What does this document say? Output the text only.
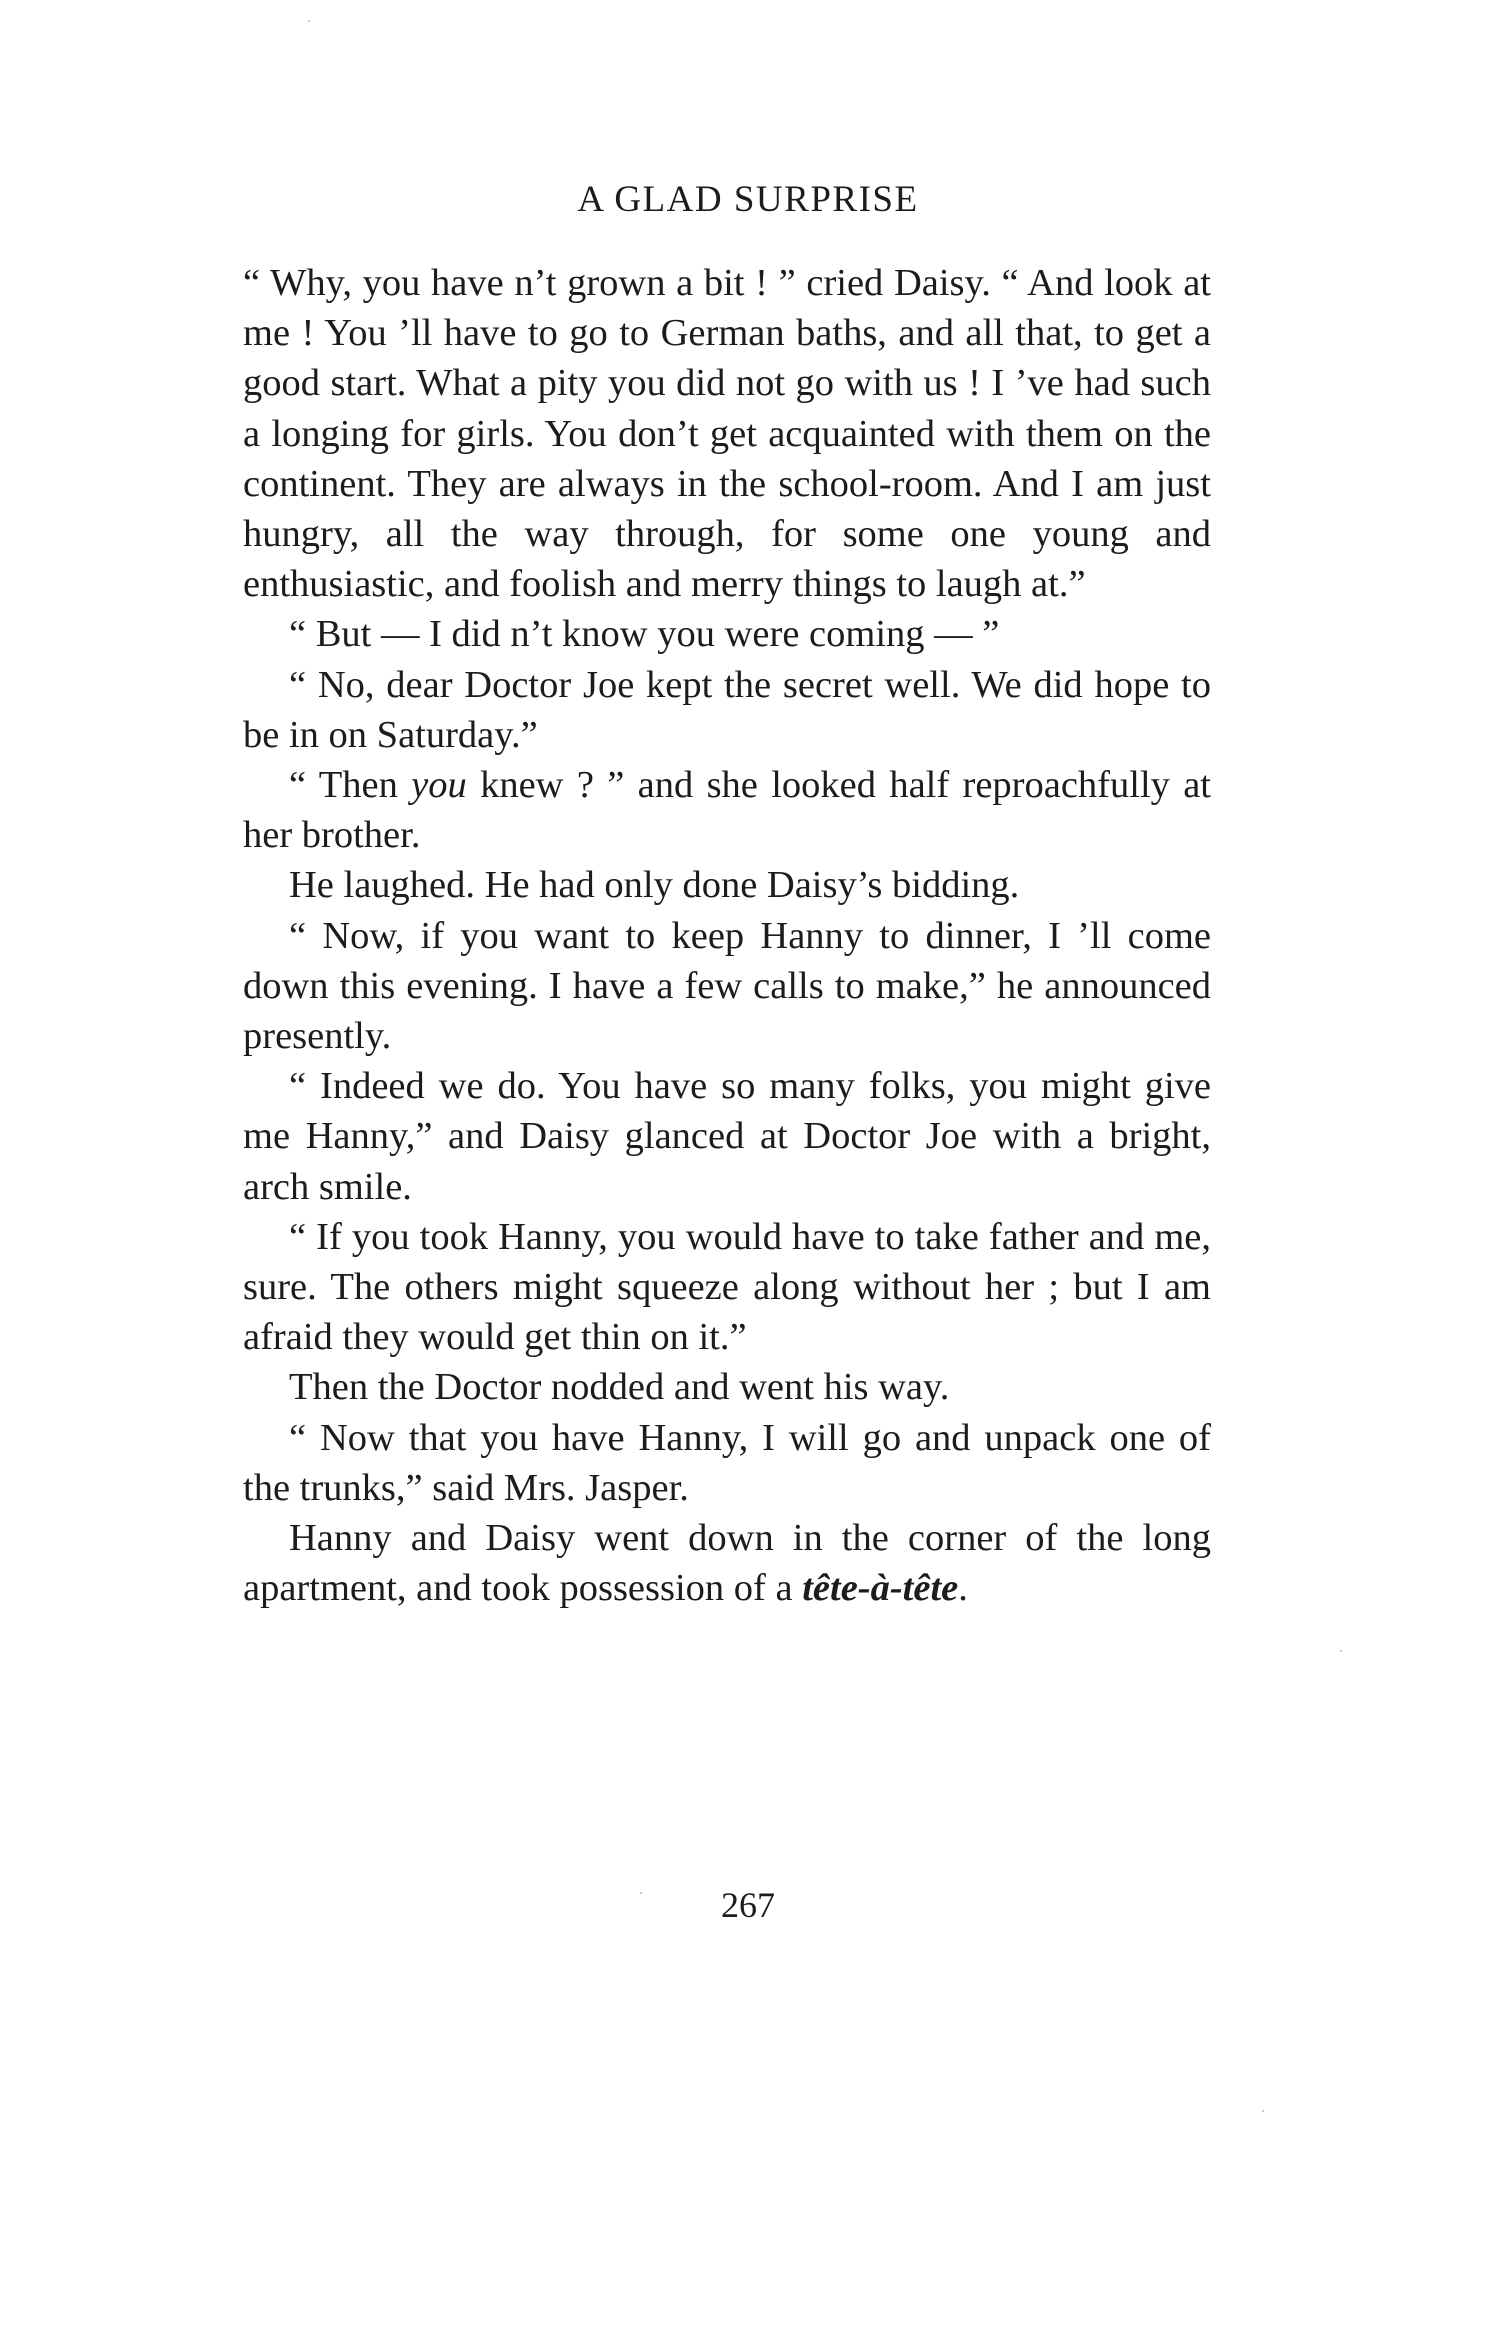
A GLAD SURPRISE

“ Why, you have n’t grown a bit ! ” cried Daisy. “ And look at me ! You ’ll have to go to German baths, and all that, to get a good start. What a pity you did not go with us ! I ’ve had such a longing for girls. You don’t get acquainted with them on the continent. They are always in the school-room. And I am just hungry, all the way through, for some one young and enthusiastic, and foolish and merry things to laugh at.”

“ But — I did n’t know you were coming — ”

“ No, dear Doctor Joe kept the secret well. We did hope to be in on Saturday.”

“ Then you knew ? ” and she looked half reproachfully at her brother.

He laughed. He had only done Daisy’s bidding.

“ Now, if you want to keep Hanny to dinner, I ’ll come down this evening. I have a few calls to make,” he announced presently.

“ Indeed we do. You have so many folks, you might give me Hanny,” and Daisy glanced at Doctor Joe with a bright, arch smile.

“ If you took Hanny, you would have to take father and me, sure. The others might squeeze along without her ; but I am afraid they would get thin on it.”

Then the Doctor nodded and went his way.

“ Now that you have Hanny, I will go and unpack one of the trunks,” said Mrs. Jasper.

Hanny and Daisy went down in the corner of the long apartment, and took possession of a tête-à-tête.

267
